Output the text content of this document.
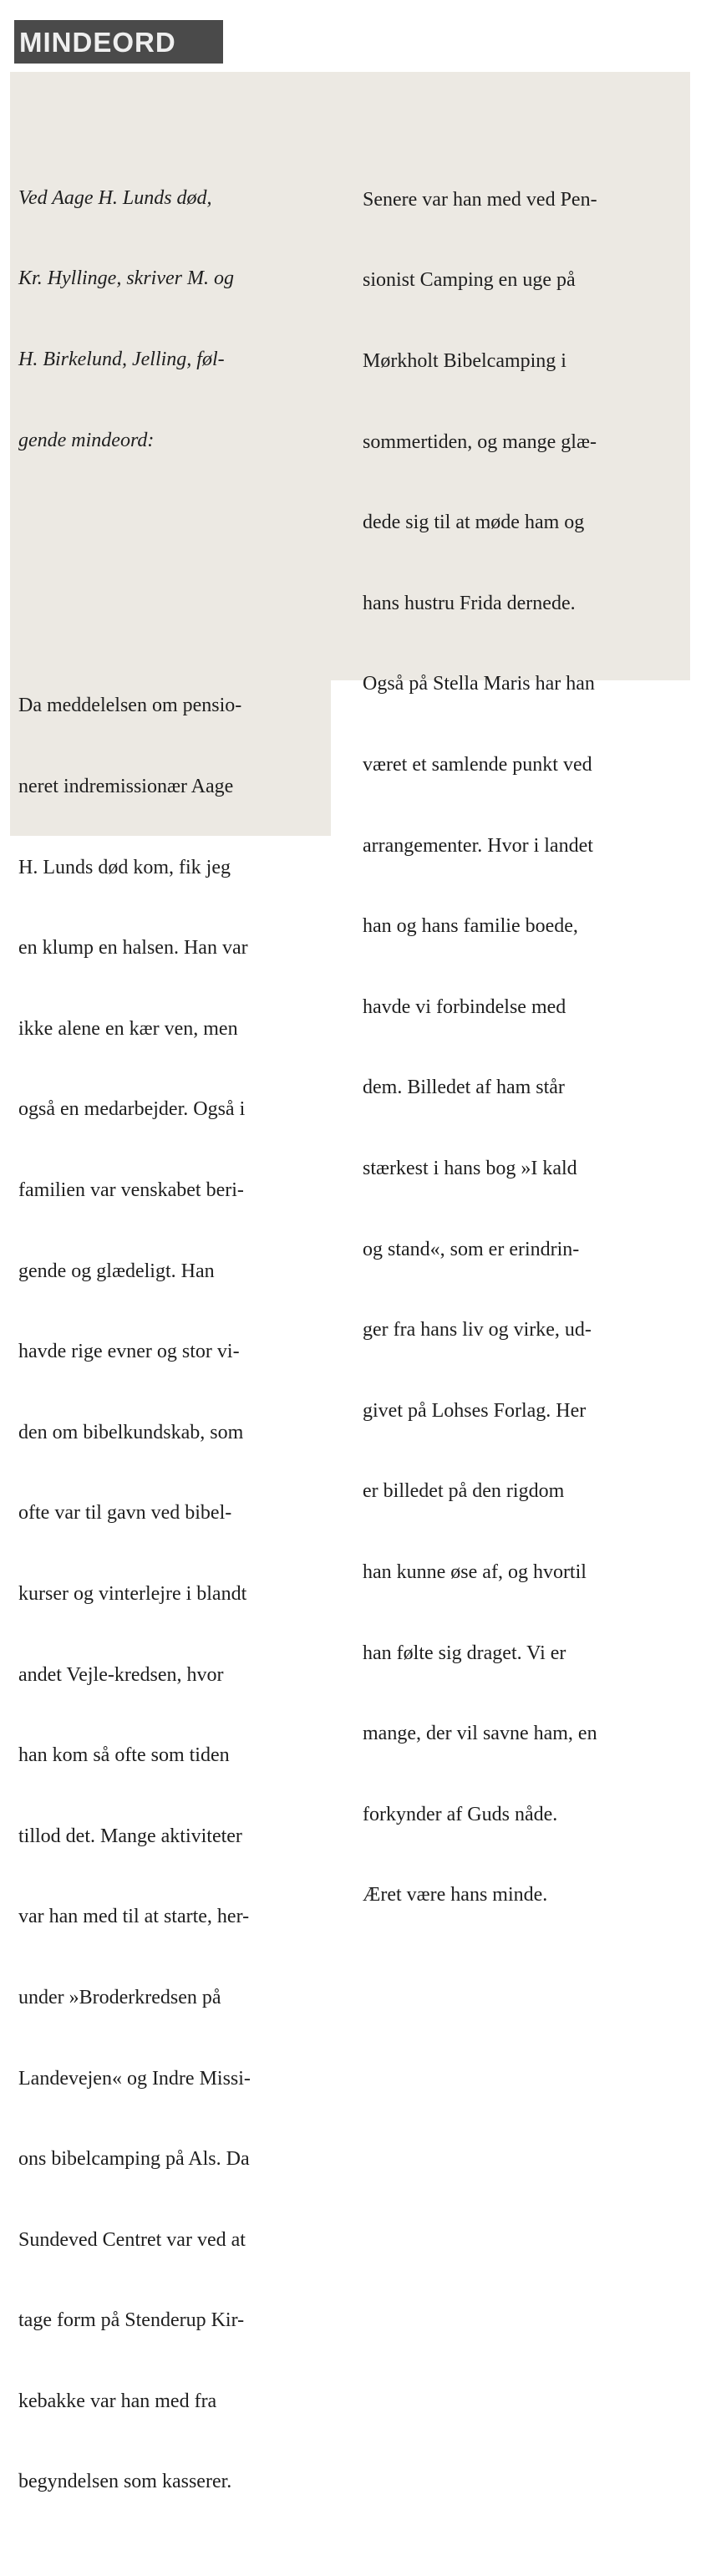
MINDEORD

Ved Aage H. Lunds død,

Kr. Hyllinge, skriver M. og

H. Birkelund, Jelling, føl-

gende mindeord:

Da meddelelsen om pensio-

neret indremissionær Aage

H. Lunds død kom, fik jeg

en klump en halsen. Han var

ikke alene en kær ven, men

også en medarbejder. Også i

familien var venskabet beri-

gende og glædeligt. Han

havde rige evner og stor vi-

den om bibelkundskab, som

ofte var til gavn ved bibel-

kurser og vinterlejre i blandt

andet Vejle-kredsen, hvor

han kom så ofte som tiden

tillod det. Mange aktiviteter

var han med til at starte, her-

under »Broderkredsen på

Landevejen« og Indre Missi-

ons bibelcamping på Als. Da

Sundeved Centret var ved at

tage form på Stenderup Kir-

kebakke var han med fra

begyndelsen som kasserer.

Senere var han med ved Pen-

sionist Camping en uge på

Mørkholt Bibelcamping i

sommertiden, og mange glæ-

dede sig til at møde ham og

hans hustru Frida dernede.

Også på Stella Maris har han

været et samlende punkt ved

arrangementer. Hvor i landet

han og hans familie boede,

havde vi forbindelse med

dem. Billedet af ham står

stærkest i hans bog »I kald

og stand«, som er erindrin-

ger fra hans liv og virke, ud-

givet på Lohses Forlag. Her

er billedet på den rigdom

han kunne øse af, og hvortil

han følte sig draget. Vi er

mange, der vil savne ham, en

forkynder af Guds nåde.

Æret være hans minde.
